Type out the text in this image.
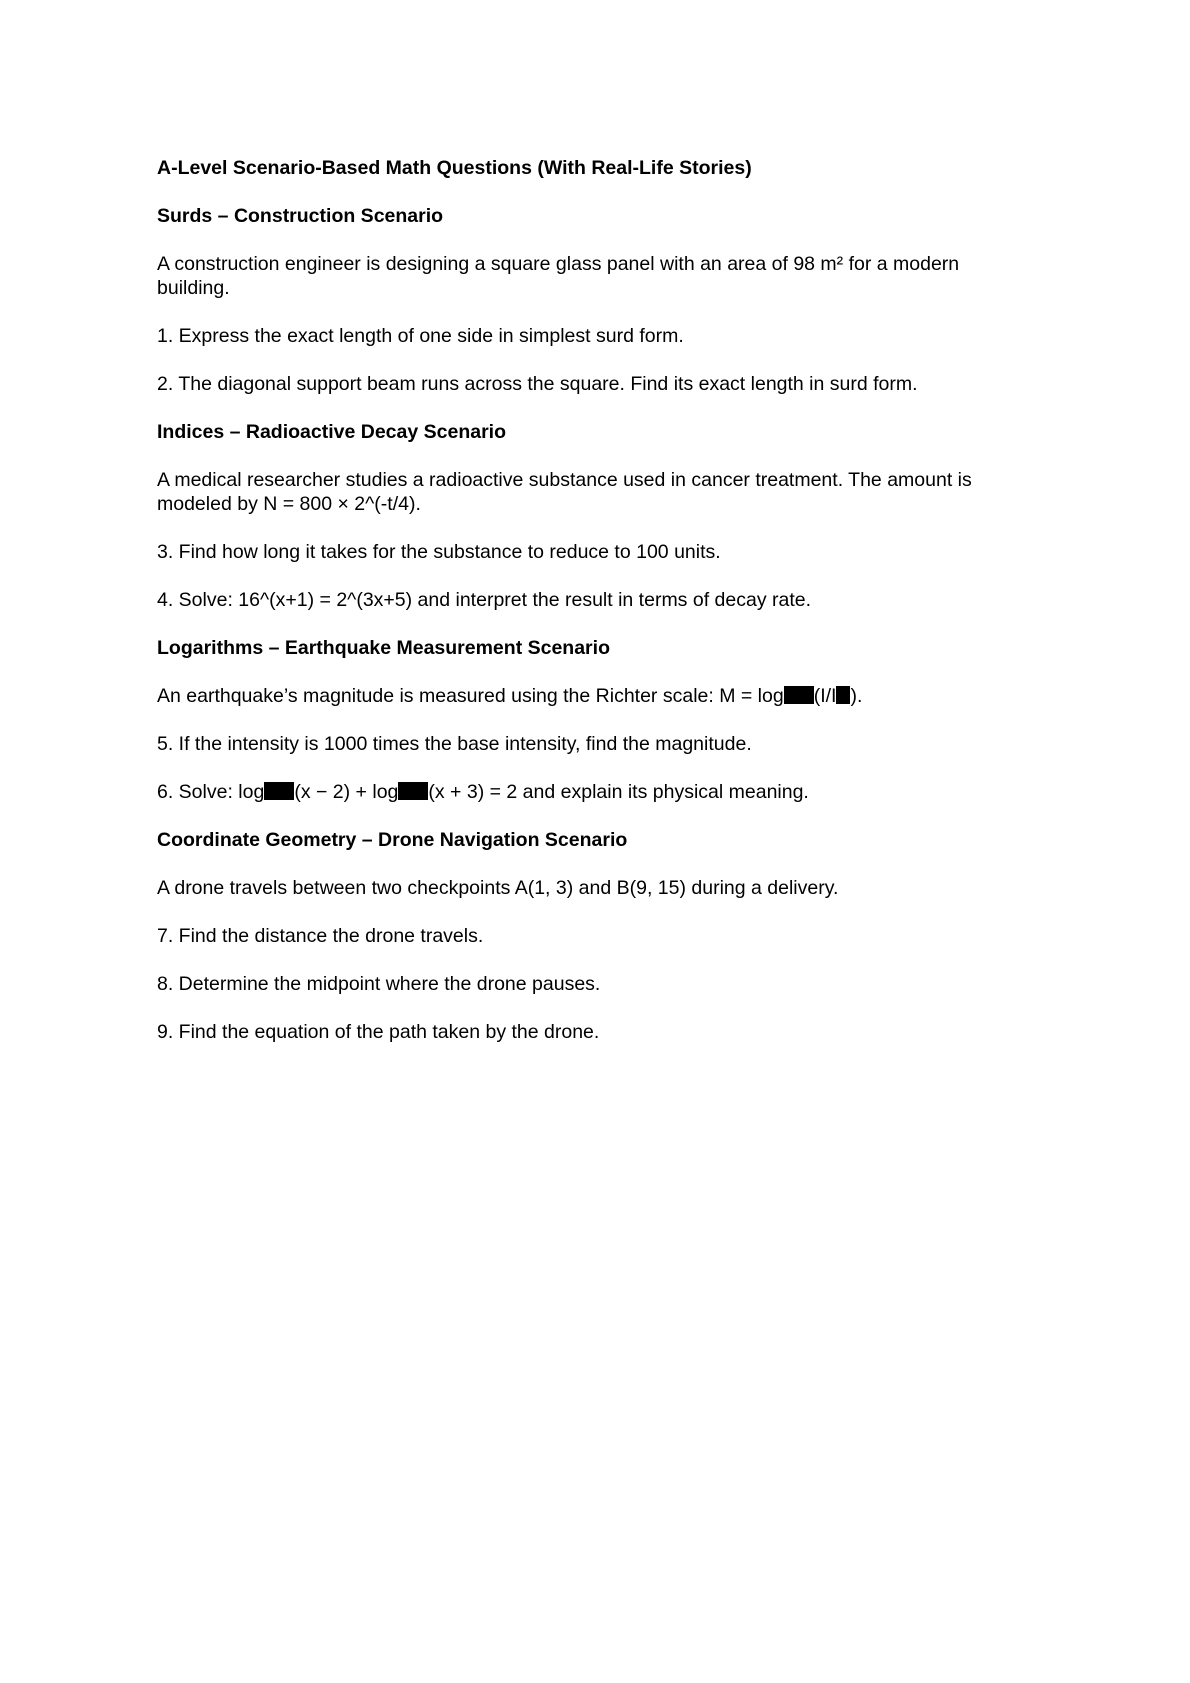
A-Level Scenario-Based Math Questions (With Real-Life Stories)

Surds – Construction Scenario

A construction engineer is designing a square glass panel with an area of 98 m² for a modern building.

1. Express the exact length of one side in simplest surd form.

2. The diagonal support beam runs across the square. Find its exact length in surd form.

Indices – Radioactive Decay Scenario

A medical researcher studies a radioactive substance used in cancer treatment. The amount is modeled by N = 800 × 2^(-t/4).

3. Find how long it takes for the substance to reduce to 100 units.

4. Solve: 16^(x+1) = 2^(3x+5) and interpret the result in terms of decay rate.

Logarithms – Earthquake Measurement Scenario

An earthquake’s magnitude is measured using the Richter scale: M = log (I/I ).

5. If the intensity is 1000 times the base intensity, find the magnitude.

6. Solve: log (x − 2) + log (x + 3) = 2 and explain its physical meaning.

Coordinate Geometry – Drone Navigation Scenario

A drone travels between two checkpoints A(1, 3) and B(9, 15) during a delivery.

7. Find the distance the drone travels.

8. Determine the midpoint where the drone pauses.

9. Find the equation of the path taken by the drone.
